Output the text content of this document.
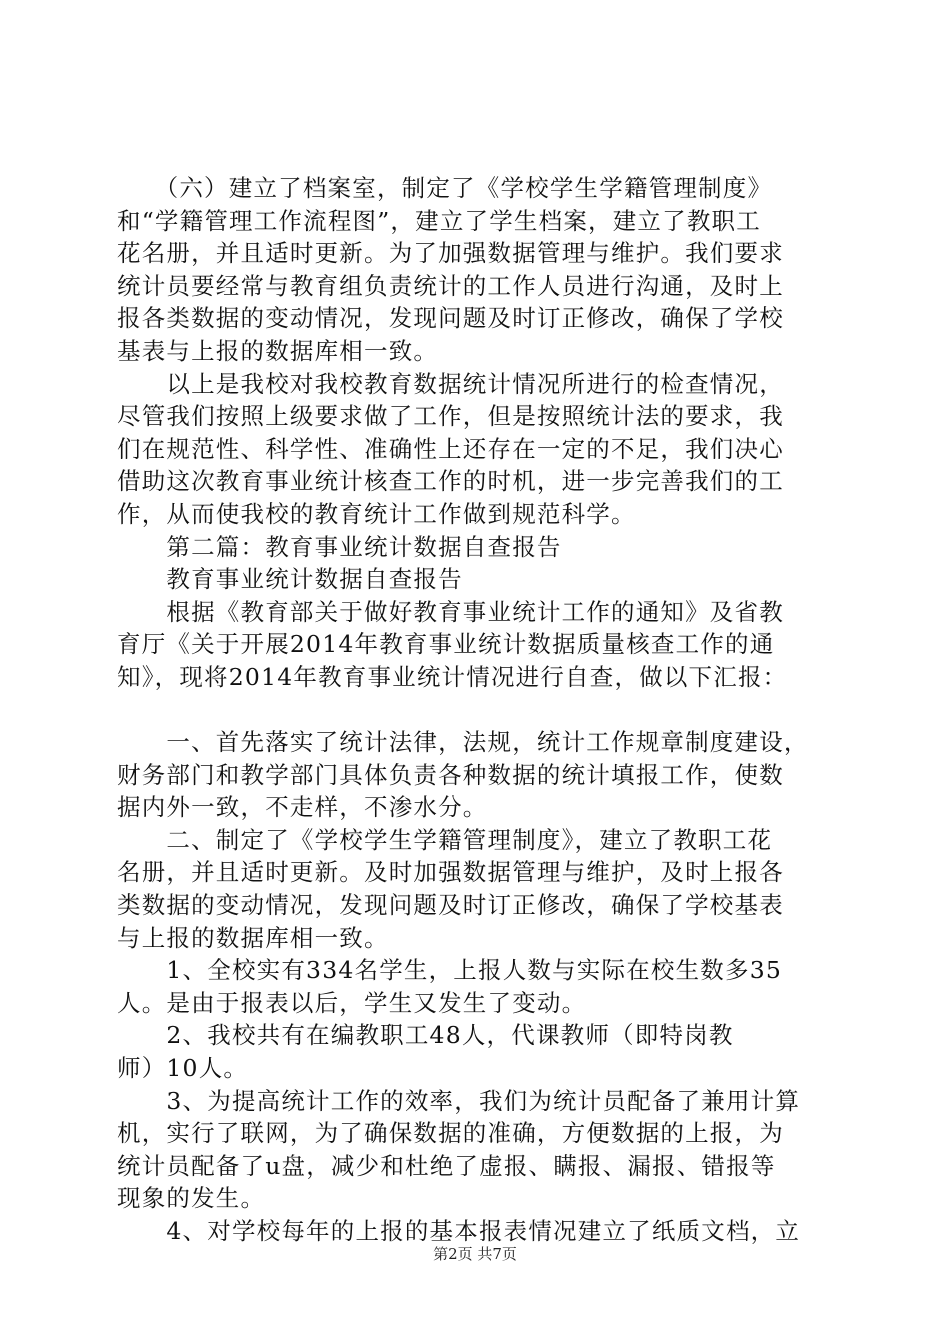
　　（六）建立了档案室，制定了《学校学生学籍管理制度》
和“学籍管理工作流程图”，建立了学生档案，建立了教职工
花名册，并且适时更新。为了加强数据管理与维护。我们要求
统计员要经常与教育组负责统计的工作人员进行沟通，及时上
报各类数据的变动情况，发现问题及时订正修改，确保了学校
基表与上报的数据库相一致。
　　以上是我校对我校教育数据统计情况所进行的检查情况，
尽管我们按照上级要求做了工作，但是按照统计法的要求，我
们在规范性、科学性、准确性上还存在一定的不足，我们决心
借助这次教育事业统计核查工作的时机，进一步完善我们的工
作，从而使我校的教育统计工作做到规范科学。
　　第二篇：教育事业统计数据自查报告
　　教育事业统计数据自查报告
　　根据《教育部关于做好教育事业统计工作的通知》及省教
育厅《关于开展2014年教育事业统计数据质量核查工作的通
知》，现将2014年教育事业统计情况进行自查，做以下汇报：
　　一、首先落实了统计法律，法规，统计工作规章制度建设，
财务部门和教学部门具体负责各种数据的统计填报工作，使数
据内外一致，不走样，不渗水分。
　　二、制定了《学校学生学籍管理制度》，建立了教职工花
名册，并且适时更新。及时加强数据管理与维护，及时上报各
类数据的变动情况，发现问题及时订正修改，确保了学校基表
与上报的数据库相一致。
　　1、全校实有334名学生，上报人数与实际在校生数多35
人。是由于报表以后，学生又发生了变动。
　　2、我校共有在编教职工48人，代课教师（即特岗教
师）10人。
　　3、为提高统计工作的效率，我们为统计员配备了兼用计算
机，实行了联网，为了确保数据的准确，方便数据的上报，为
统计员配备了u盘，减少和杜绝了虚报、瞒报、漏报、错报等
现象的发生。
　　4、对学校每年的上报的基本报表情况建立了纸质文档，立
第2页 共7页
